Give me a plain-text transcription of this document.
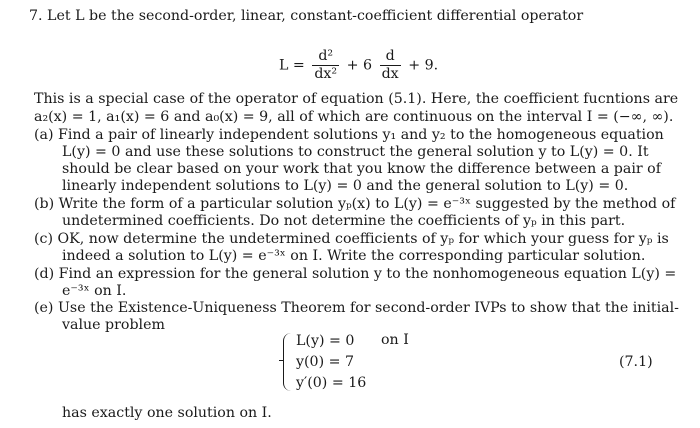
7. Let L be the second-order, linear, constant-coefficient differential operator
$L = \frac{\text{d²}}{\text{dx²}} + 6 \frac{d}{dx} + 9$.
This is a special case of the operator of equation (5.1). Here, the coefficient fucntions are
a₂(x) = 1, a₁(x) = 6 and a₀(x) = 9, all of which are continuous on the interval I = (−∞, ∞).
(a) Find a pair of linearly independent solutions y₁ and y₂ to the homogeneous equation
L(y) = 0 and use these solutions to construct the general solution y to L(y) = 0. It
should be clear based on your work that you know the difference between a pair of
linearly independent solutions to L(y) = 0 and the general solution to L(y) = 0.
(b) Write the form of a particular solution yₚ(x) to L(y) = e⁻³ˣ suggested by the method of
undetermined coefficients. Do not determine the coefficients of yₚ in this part.
(c) OK, now determine the undetermined coefficients of yₚ for which your guess for yₚ is
indeed a solution to L(y) = e⁻³ˣ on I. Write the corresponding particular solution.
(d) Find an expression for the general solution y to the nonhomogeneous equation L(y) =
e⁻³ˣ on I.
(e) Use the Existence-Uniqueness Theorem for second-order IVPs to show that the initial-
value problem
L(y) = 0 on I
y(0) = 7
y′(0) = 16
(7.1)
has exactly one solution on I.
